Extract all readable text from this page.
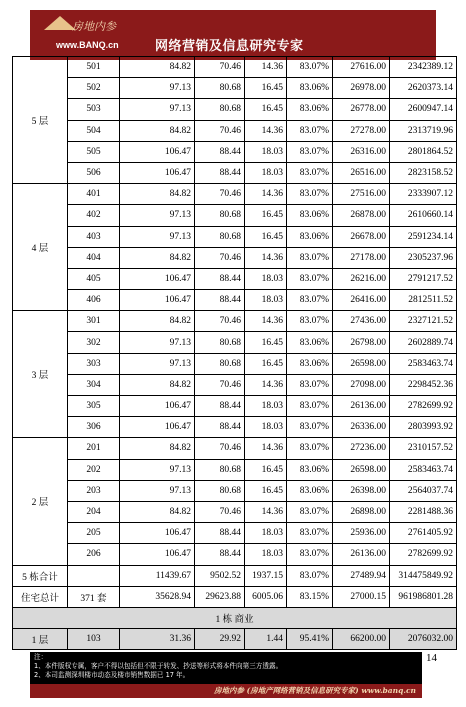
房地内参
www.BANQ.cn	网络营销及信息研究专家
5 层	501	84.82	70.46	14.36	83.07%	27616.00	2342389.12
	502	97.13	80.68	16.45	83.06%	26978.00	2620373.14
	503	97.13	80.68	16.45	83.06%	26778.00	2600947.14
	504	84.82	70.46	14.36	83.07%	27278.00	2313719.96
	505	106.47	88.44	18.03	83.07%	26316.00	2801864.52
	506	106.47	88.44	18.03	83.07%	26516.00	2823158.52
4 层	401	84.82	70.46	14.36	83.07%	27516.00	2333907.12
	402	97.13	80.68	16.45	83.06%	26878.00	2610660.14
	403	97.13	80.68	16.45	83.06%	26678.00	2591234.14
	404	84.82	70.46	14.36	83.07%	27178.00	2305237.96
	405	106.47	88.44	18.03	83.07%	26216.00	2791217.52
	406	106.47	88.44	18.03	83.07%	26416.00	2812511.52
3 层	301	84.82	70.46	14.36	83.07%	27436.00	2327121.52
	302	97.13	80.68	16.45	83.06%	26798.00	2602889.74
	303	97.13	80.68	16.45	83.06%	26598.00	2583463.74
	304	84.82	70.46	14.36	83.07%	27098.00	2298452.36
	305	106.47	88.44	18.03	83.07%	26136.00	2782699.92
	306	106.47	88.44	18.03	83.07%	26336.00	2803993.92
2 层	201	84.82	70.46	14.36	83.07%	27236.00	2310157.52
	202	97.13	80.68	16.45	83.06%	26598.00	2583463.74
	203	97.13	80.68	16.45	83.06%	26398.00	2564037.74
	204	84.82	70.46	14.36	83.07%	26898.00	2281488.36
	205	106.47	88.44	18.03	83.07%	25936.00	2761405.92
	206	106.47	88.44	18.03	83.07%	26136.00	2782699.92
5 栋合计		11439.67	9502.52	1937.15	83.07%	27489.94	314475849.92
住宅总计	371 套	35628.94	29623.88	6005.06	83.15%	27000.15	961986801.28
1 栋 商业							
1 层	103	31.36	29.92	1.44	95.41%	66200.00	2076032.00
14
注：
1、本件版权专属，客户不得以包括但不限于转发、抄送等形式将本件向第三方透露。
2、本司监测深圳楼市动态及楼市销售数据已 17 年。
房地内参 (房地产网络营销及信息研究专家) www.banq.cn
